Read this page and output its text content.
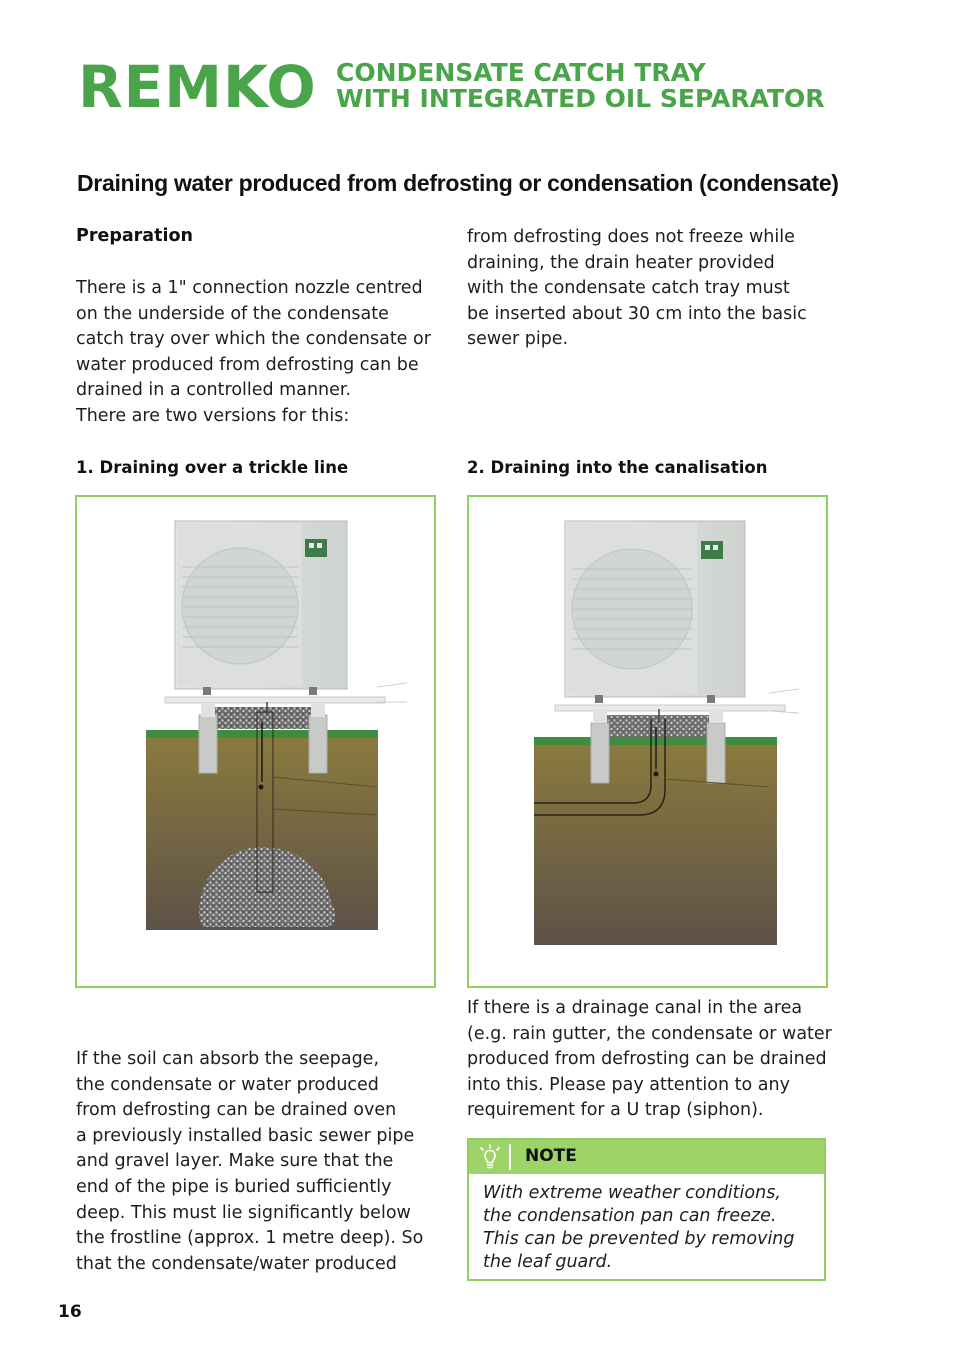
REMKO CONDENSATE CATCH TRAY
WITH INTEGRATED OIL SEPARATOR
Draining water produced from defrosting or condensation (condensate)
Preparation
There is a 1" connection nozzle centred
on the underside of the condensate
catch tray over which the condensate or
water produced from defrosting can be
drained in a controlled manner.
There are two versions for this:
from defrosting does not freeze while
draining, the drain heater provided
with the condensate catch tray must
be inserted about 30 cm into the basic
sewer pipe.
1. Draining over a trickle line	2. Draining into the canalisation
If the soil can absorb the seepage,
the condensate or water produced
from defrosting can be drained oven
a previously installed basic sewer pipe
and gravel layer. Make sure that the
end of the pipe is buried sufficiently
deep. This must lie significantly below
the frostline (approx. 1 metre deep). So
that the condensate/water produced
If there is a drainage canal in the area
(e.g. rain gutter, the condensate or water
produced from defrosting can be drained
into this. Please pay attention to any
requirement for a U trap (siphon).
NOTE
With extreme weather conditions,
the condensation pan can freeze.
This can be prevented by removing
the leaf guard.
16
